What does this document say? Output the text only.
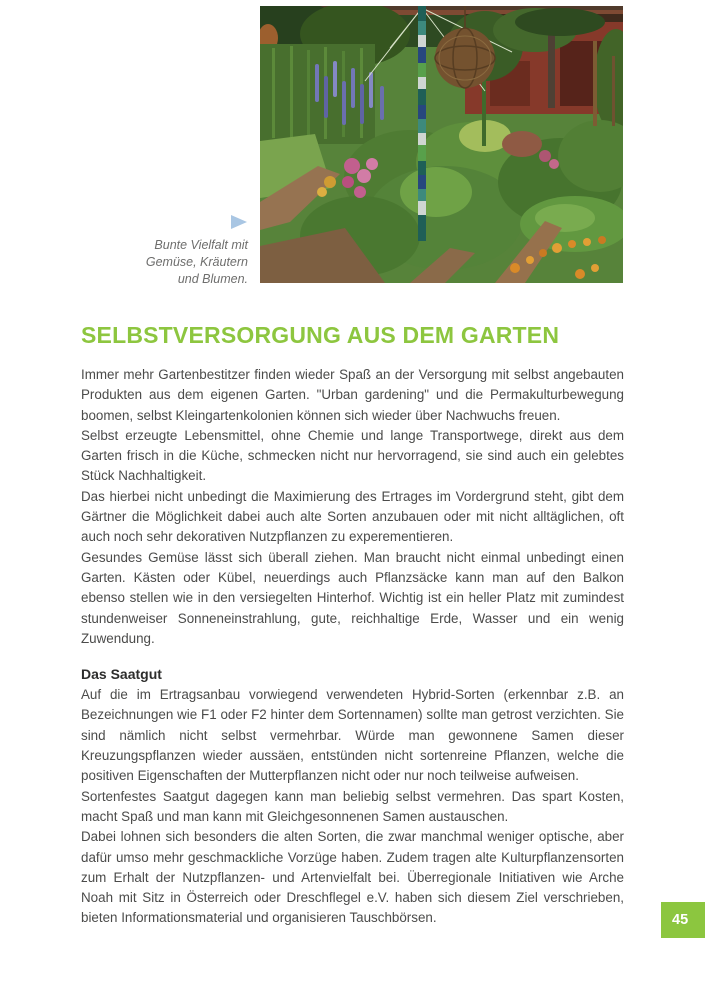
Bunte Vielfalt mit
Gemüse, Kräutern
und Blumen.
SELBSTVERSORGUNG AUS DEM GARTEN

Immer mehr Gartenbestitzer finden wieder Spaß an der Versorgung mit selbst angebauten Produkten aus dem eigenen Garten. "Urban gardening" und die Permakulturbewegung boomen, selbst Kleingartenkolonien können sich wieder über Nachwuchs freuen.

Selbst erzeugte Lebensmittel, ohne Chemie und lange Transportwege, direkt aus dem Garten frisch in die Küche, schmecken nicht nur hervorragend, sie sind auch ein gelebtes Stück Nachhaltigkeit.

Das hierbei nicht unbedingt die Maximierung des Ertrages im Vordergrund steht, gibt dem Gärtner die Möglichkeit dabei auch alte Sorten anzubauen oder mit nicht alltäglichen, oft auch noch sehr dekorativen Nutzpflanzen zu experementieren.

Gesundes Gemüse lässt sich überall ziehen. Man braucht nicht einmal unbedingt einen Garten. Kästen oder Kübel, neuerdings auch Pflanzsäcke kann man auf den Balkon ebenso stellen wie in den versiegelten Hinterhof. Wichtig ist ein heller Platz mit zumindest stundenweiser Sonneneinstrahlung, gute, reichhaltige Erde, Wasser und ein wenig Zuwendung.

Das Saatgut

Auf die im Ertragsanbau vorwiegend verwendeten Hybrid-Sorten (erkennbar z.B. an Bezeichnungen wie F1 oder F2 hinter dem Sortennamen) sollte man getrost verzichten. Sie sind nämlich nicht selbst vermehrbar. Würde man gewonnene Samen dieser Kreuzungspflanzen wieder aussäen, entstünden nicht sortenreine Pflanzen, welche die positiven Eigenschaften der Mutterpflanzen nicht oder nur noch teilweise aufweisen.

Sortenfestes Saatgut dagegen kann man beliebig selbst vermehren. Das spart Kosten, macht Spaß und man kann mit Gleichgesonnenen Samen austauschen.

Dabei lohnen sich besonders die alten Sorten, die zwar manchmal weniger optische, aber dafür umso mehr geschmackliche Vorzüge haben. Zudem tragen alte Kulturpflanzensorten zum Erhalt der Nutzpflanzen- und Artenvielfalt bei. Überregionale Initiativen wie Arche Noah mit Sitz in Österreich oder Dreschflegel e.V. haben sich diesem Ziel verschrieben, bieten Informationsmaterial und organisieren Tauschbörsen.	45
